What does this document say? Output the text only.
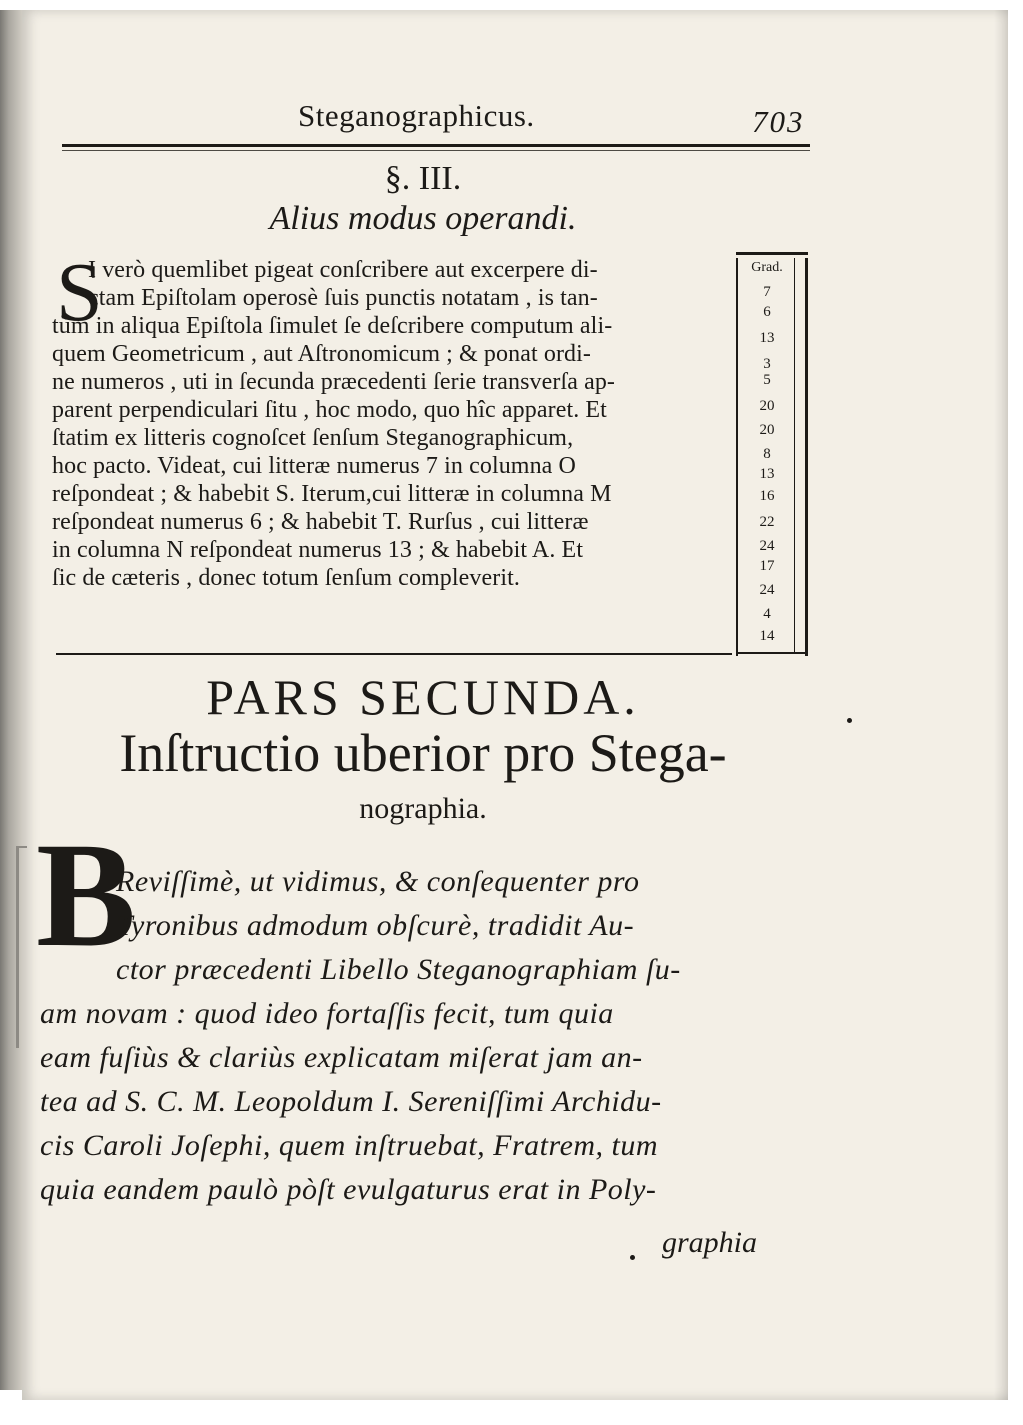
Steganographicus.	703
§. III.
Alius modus operandi.
S
I verò quemlibet pigeat conſcribere aut excerpere di-
ctam Epiſtolam operosè ſuis punctis notatam , is tan-
tùm in aliqua Epiſtola ſimulet ſe deſcribere computum ali-
quem Geometricum , aut Aſtronomicum ; & ponat ordi-
ne numeros , uti in ſecunda præcedenti ſerie transverſa ap-
parent perpendiculari ſitu , hoc modo, quo hîc apparet. Et
ſtatim ex litteris cognoſcet ſenſum Steganographicum,
hoc pacto. Videat, cui litteræ numerus 7 in columna O
reſpondeat ; & habebit S. Iterum,cui litteræ in columna M
reſpondeat numerus 6 ; & habebit T. Rurſus , cui litteræ
in columna N reſpondeat numerus 13 ; & habebit A. Et
ſic de cæteris , donec totum ſenſum compleverit.
Grad.
7
6
13
3
5
20
20
8
13
16
22
24
17
24
4
14
PARS SECUNDA.
Inſtructio uberior pro Stega-
nographia.
B
Reviſſimè, ut vidimus, & conſequenter pro
Tyronibus admodum obſcurè, tradidit Au-
ctor præcedenti Libello Steganographiam ſu-
am novam : quod ideo fortaſſis fecit, tum quia
eam fuſiùs & clariùs explicatam miſerat jam an-
tea ad S. C. M. Leopoldum I. Sereniſſimi Archidu-
cis Caroli Joſephi, quem inſtruebat, Fratrem, tum
quia eandem paulò pòſt evulgaturus erat in Poly-
graphia
